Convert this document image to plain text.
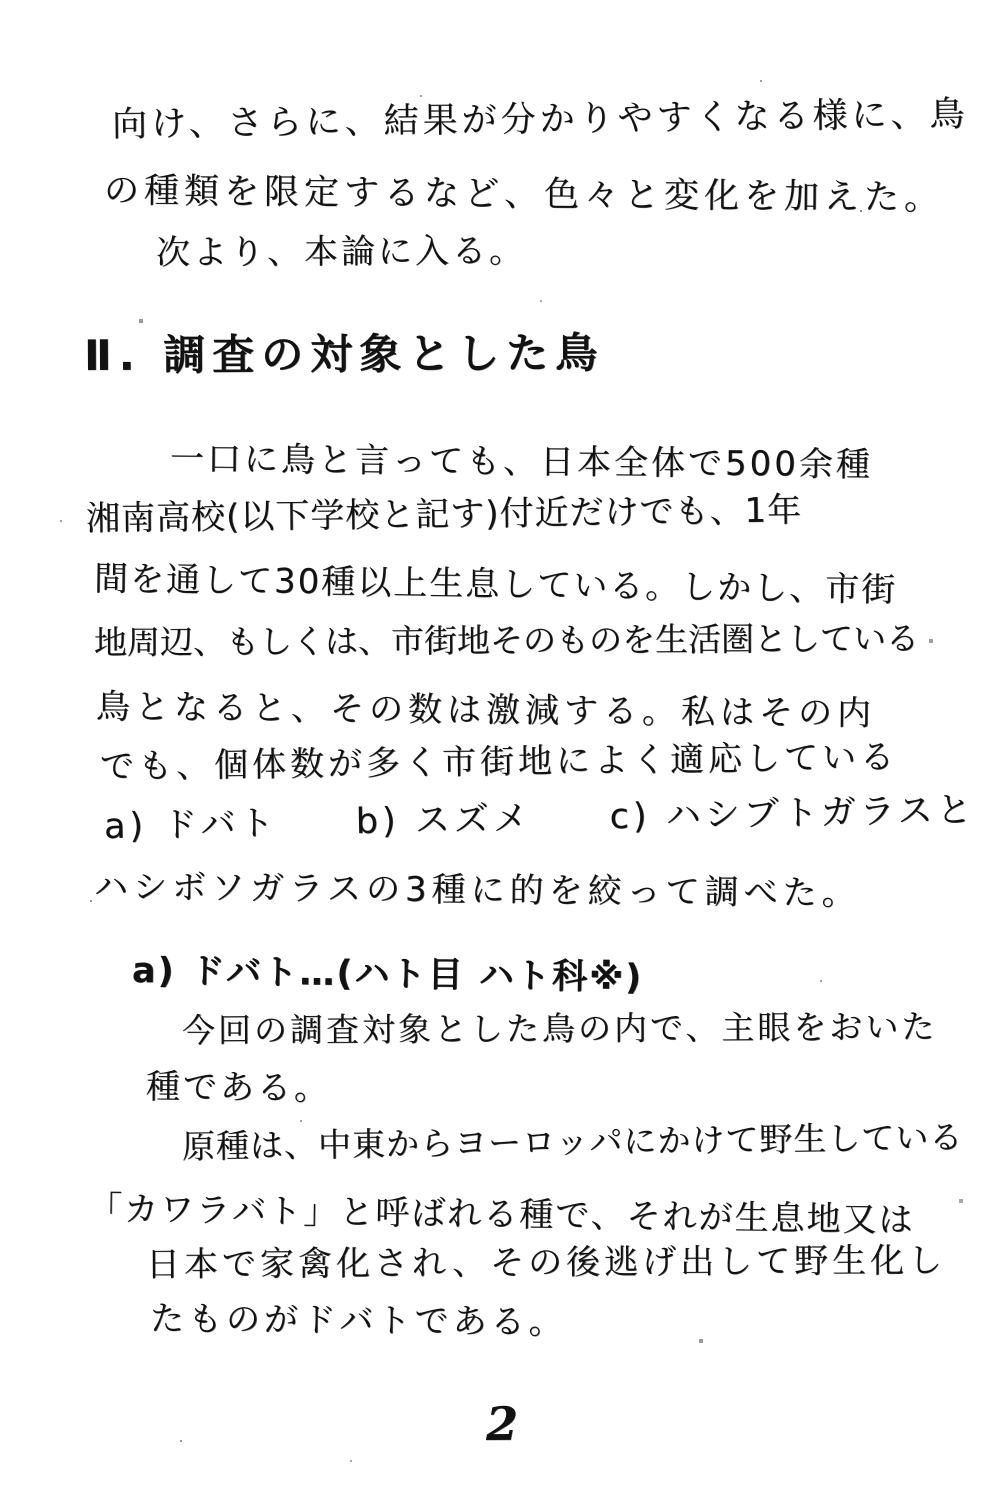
向け、さらに、結果が分かりやすくなる様に、鳥
の種類を限定するなど、色々と変化を加えた。
次より、本論に入る。
Ⅱ. 調査の対象とした鳥
一口に鳥と言っても、日本全体で500余種
湘南高校(以下学校と記す)付近だけでも、1年
間を通して30種以上生息している。しかし、市街
地周辺、もしくは、市街地そのものを生活圏としている
鳥となると、その数は激減する。私はその内
でも、個体数が多く市街地によく適応している
a) ドバト　　b) スズメ　　c) ハシブトガラスと
ハシボソガラスの3種に的を絞って調べた。
a) ドバト…(ハト目 ハト科※)
今回の調査対象とした鳥の内で、主眼をおいた
種である。
原種は、中東からヨーロッパにかけて野生している
「カワラバト」と呼ばれる種で、それが生息地又は
日本で家禽化され、その後逃げ出して野生化し
たものがドバトである。
2
